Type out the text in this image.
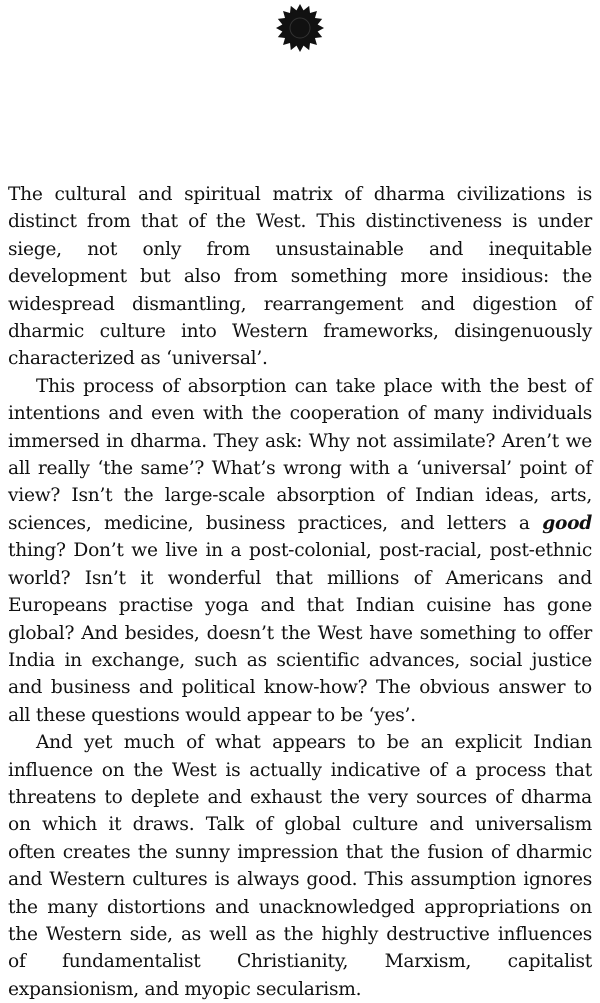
The cultural and spiritual matrix of dharma civilizations is distinct from that of the West. This distinctiveness is under siege, not only from unsustainable and inequitable development but also from something more insidious: the widespread dismantling, rearrangement and digestion of dharmic culture into Western frameworks, disingenuously characterized as ‘universal’.

This process of absorption can take place with the best of intentions and even with the cooperation of many individuals immersed in dharma. They ask: Why not assimilate? Aren’t we all really ‘the same’? What’s wrong with a ‘universal’ point of view? Isn’t the large-scale absorption of Indian ideas, arts, sciences, medicine, business practices, and letters a good thing? Don’t we live in a post-colonial, post-racial, post-ethnic world? Isn’t it wonderful that millions of Americans and Europeans practise yoga and that Indian cuisine has gone global? And besides, doesn’t the West have something to offer India in exchange, such as scientific advances, social justice and business and political know-how? The obvious answer to all these questions would appear to be ‘yes’.

And yet much of what appears to be an explicit Indian influence on the West is actually indicative of a process that threatens to deplete and exhaust the very sources of dharma on which it draws. Talk of global culture and universalism often creates the sunny impression that the fusion of dharmic and Western cultures is always good. This assumption ignores the many distortions and unacknowledged appropriations on the Western side, as well as the highly destructive influences of fundamentalist Christianity, Marxism, capitalist expansionism, and myopic secularism.
